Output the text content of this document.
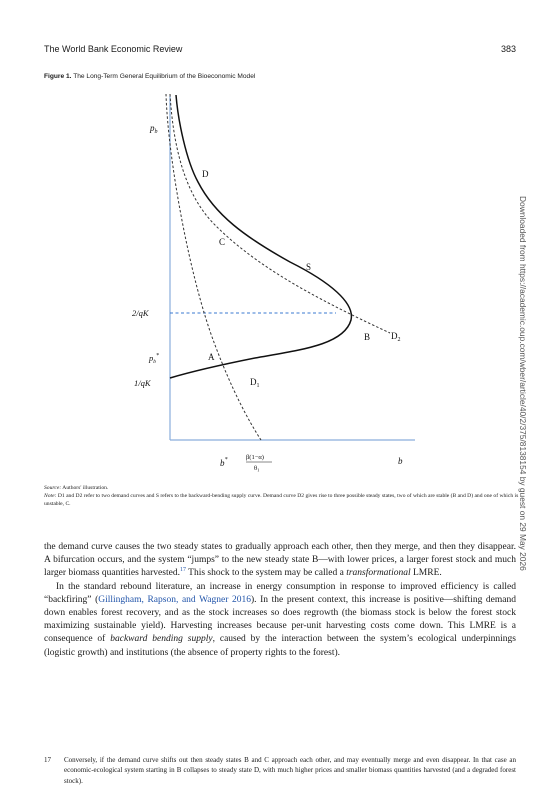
The World Bank Economic Review	383
Figure 1. The Long-Term General Equilibrium of the Bioeconomic Model
$p_b$
2/qK
$p_b^*$
1/qK
b*	β(1−α)
$\theta_1$
b
D
C
S
B
A
$D_1$
$D_2$
Source: Authors' illustration.
Note: D1 and D2 refer to two demand curves and S refers to the backward-bending supply curve. Demand curve D2 gives rise to three possible steady states, two of which are stable (B and D) and one of which is unstable, C.

the demand curve causes the two steady states to gradually approach each other, then they merge, and then they disappear. A bifurcation occurs, and the system “jumps” to the new steady state B—with lower prices, a larger forest stock and much larger biomass quantities harvested.$^{17}$ This shock to the system may be called a transformational LMRE.

In the standard rebound literature, an increase in energy consumption in response to improved efficiency is called “backfiring” (Gillingham, Rapson, and Wagner 2016). In the present context, this increase is positive—shifting demand down enables forest recovery, and as the stock increases so does regrowth (the biomass stock is below the forest stock maximizing sustainable yield). Harvesting increases because per-unit harvesting costs come down. This LMRE is a consequence of backward bending supply, caused by the interaction between the system’s ecological underpinnings (logistic growth) and institutions (the absence of property rights to the forest).

17 Conversely, if the demand curve shifts out then steady states B and C approach each other, and may eventually merge and even disappear. In that case an economic-ecological system starting in B collapses to steady state D, with much higher prices and smaller biomass quantities harvested (and a degraded forest stock).
Downloaded from https://academic.oup.com/wber/article/40/2/375/8138154 by guest on 29 May 2026
